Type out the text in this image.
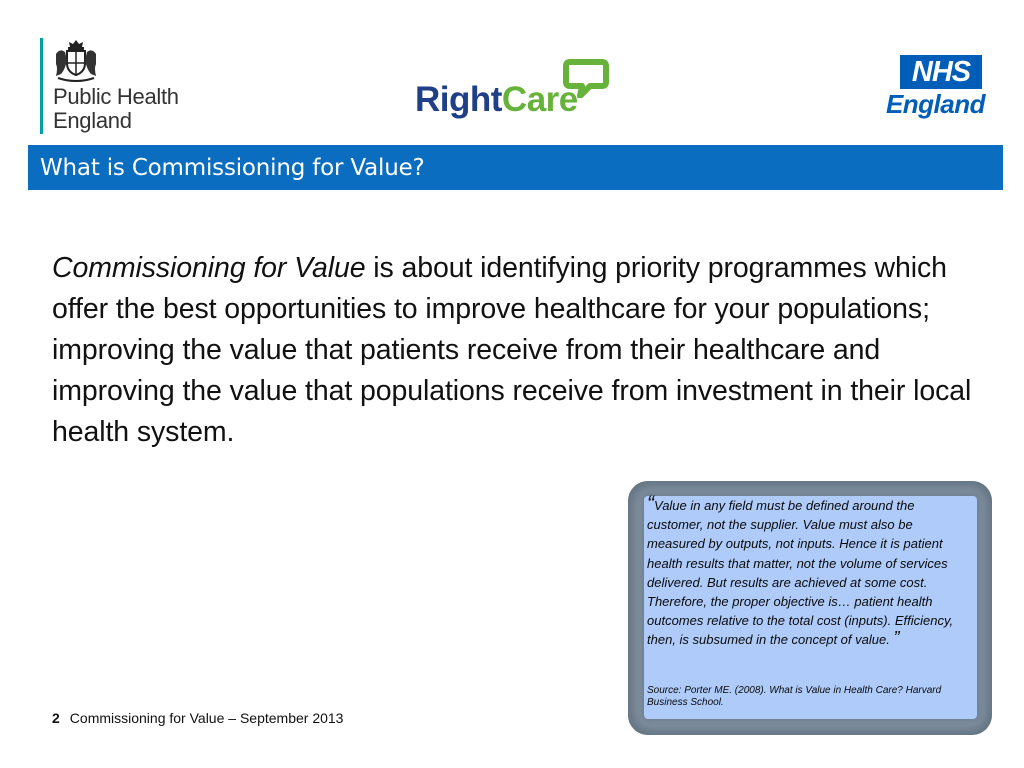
Public Health
England
RightCare
NHS
England
What is Commissioning for Value?

Commissioning for Value is about identifying priority programmes which offer the best opportunities to improve healthcare for your populations; improving the value that patients receive from their healthcare and improving the value that populations receive from investment in their local health system.

“Value in any field must be defined around the customer, not the supplier. Value must also be measured by outputs, not inputs. Hence it is patient health results that matter, not the volume of services delivered. But results are achieved at some cost. Therefore, the proper objective is… patient health outcomes relative to the total cost (inputs). Efficiency, then, is subsumed in the concept of value. ”

Source: Porter ME. (2008). What is Value in Health Care? Harvard Business School.

2 Commissioning for Value – September 2013
